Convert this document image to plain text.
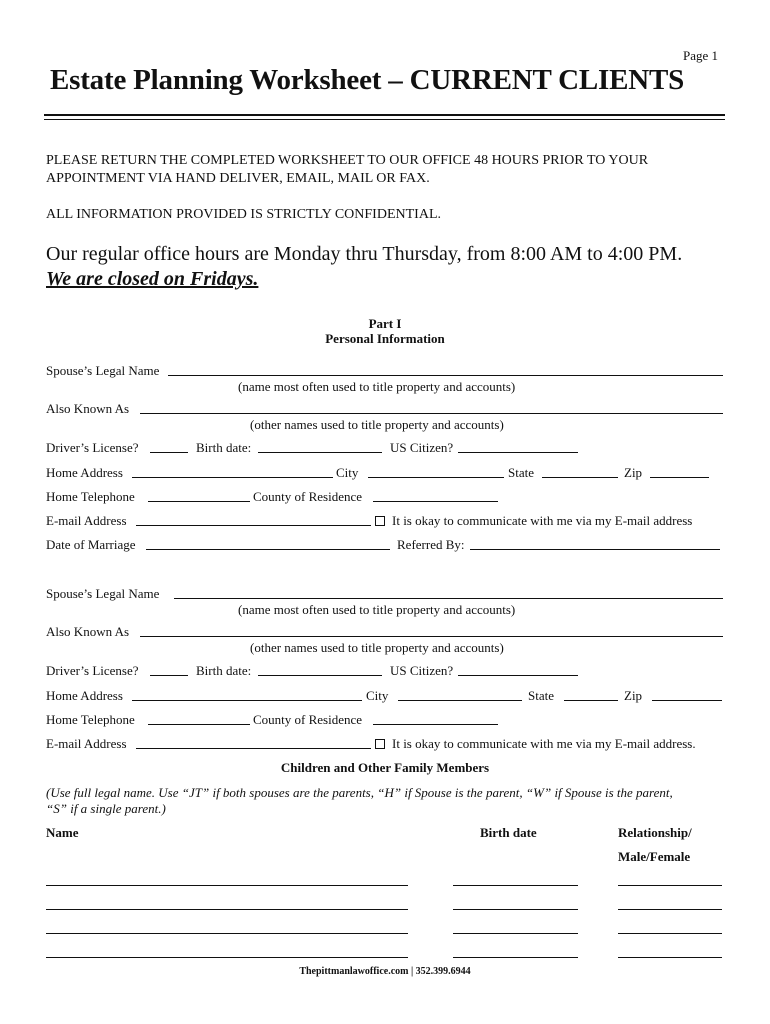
Page 1
Estate Planning Worksheet – CURRENT CLIENTS
PLEASE RETURN THE COMPLETED WORKSHEET TO OUR OFFICE 48 HOURS PRIOR TO YOUR
APPOINTMENT VIA HAND DELIVER, EMAIL, MAIL OR FAX.
ALL INFORMATION PROVIDED IS STRICTLY CONFIDENTIAL.
Our regular office hours are Monday thru Thursday, from 8:00 AM to 4:00 PM.
We are closed on Fridays.
Part I
Personal Information
Spouse’s Legal Name
(name most often used to title property and accounts)
Also Known As
(other names used to title property and accounts)
Driver’s License?	Birth date:	US Citizen?
Home Address	City	State	Zip
Home Telephone	County of Residence
E-mail Address	It is okay to communicate with me via my E-mail address
Date of Marriage	Referred By:
Spouse’s Legal Name
(name most often used to title property and accounts)
Also Known As
(other names used to title property and accounts)
Driver’s License?	Birth date:	US Citizen?
Home Address	City	State	Zip
Home Telephone	County of Residence
E-mail Address	It is okay to communicate with me via my E-mail address.
Children and Other Family Members
(Use full legal name. Use “JT” if both spouses are the parents, “H” if Spouse is the parent, “W” if Spouse is the parent,
“S” if a single parent.)
Name	Birth date	Relationship/
Male/Female
Thepittmanlawoffice.com | 352.399.6944
